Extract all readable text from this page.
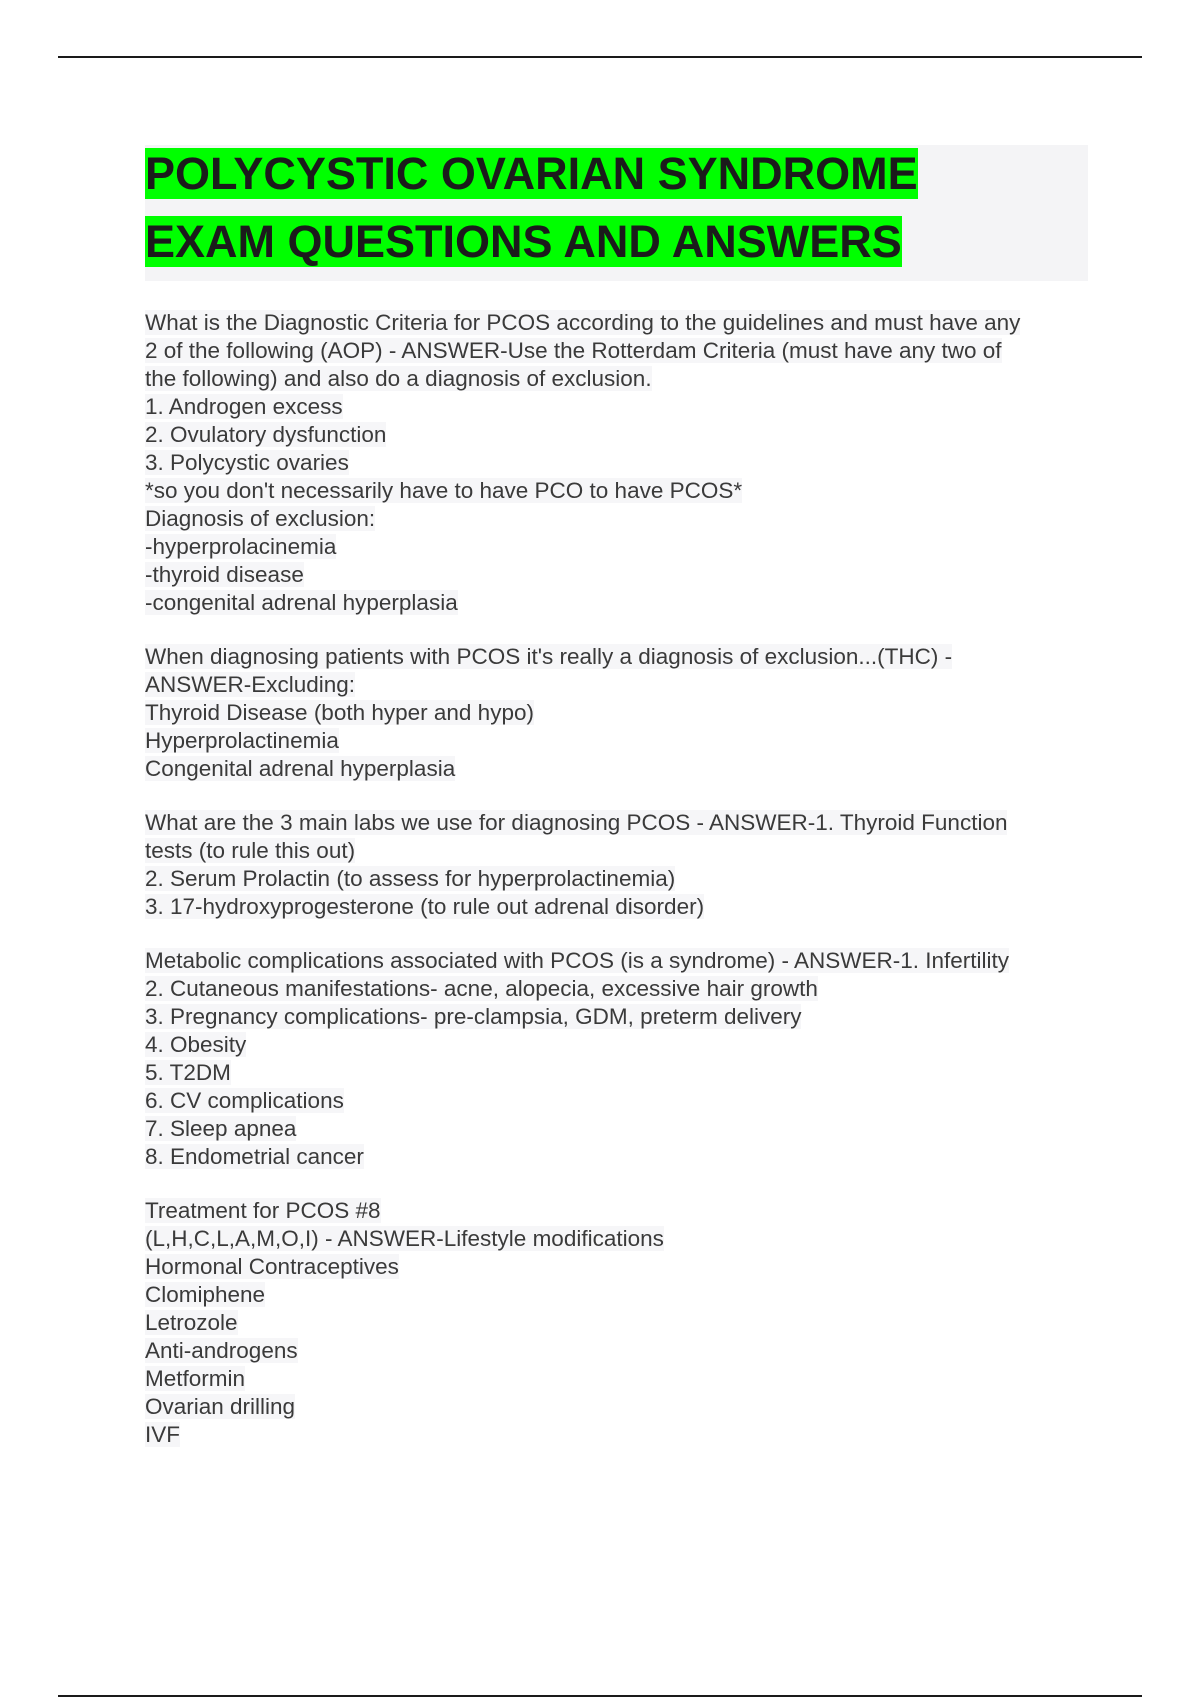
POLYCYSTIC OVARIAN SYNDROME
EXAM QUESTIONS AND ANSWERS
What is the Diagnostic Criteria for PCOS according to the guidelines and must have any
2 of the following (AOP) - ANSWER-Use the Rotterdam Criteria (must have any two of
the following) and also do a diagnosis of exclusion.
1. Androgen excess
2. Ovulatory dysfunction
3. Polycystic ovaries
*so you don't necessarily have to have PCO to have PCOS*
Diagnosis of exclusion:
-hyperprolacinemia
-thyroid disease
-congenital adrenal hyperplasia
When diagnosing patients with PCOS it's really a diagnosis of exclusion...(THC) -
ANSWER-Excluding:
Thyroid Disease (both hyper and hypo)
Hyperprolactinemia
Congenital adrenal hyperplasia
What are the 3 main labs we use for diagnosing PCOS - ANSWER-1. Thyroid Function
tests (to rule this out)
2. Serum Prolactin (to assess for hyperprolactinemia)
3. 17-hydroxyprogesterone (to rule out adrenal disorder)
Metabolic complications associated with PCOS (is a syndrome) - ANSWER-1. Infertility
2. Cutaneous manifestations- acne, alopecia, excessive hair growth
3. Pregnancy complications- pre-clampsia, GDM, preterm delivery
4. Obesity
5. T2DM
6. CV complications
7. Sleep apnea
8. Endometrial cancer
Treatment for PCOS #8
(L,H,C,L,A,M,O,I) - ANSWER-Lifestyle modifications
Hormonal Contraceptives
Clomiphene
Letrozole
Anti-androgens
Metformin
Ovarian drilling
IVF
